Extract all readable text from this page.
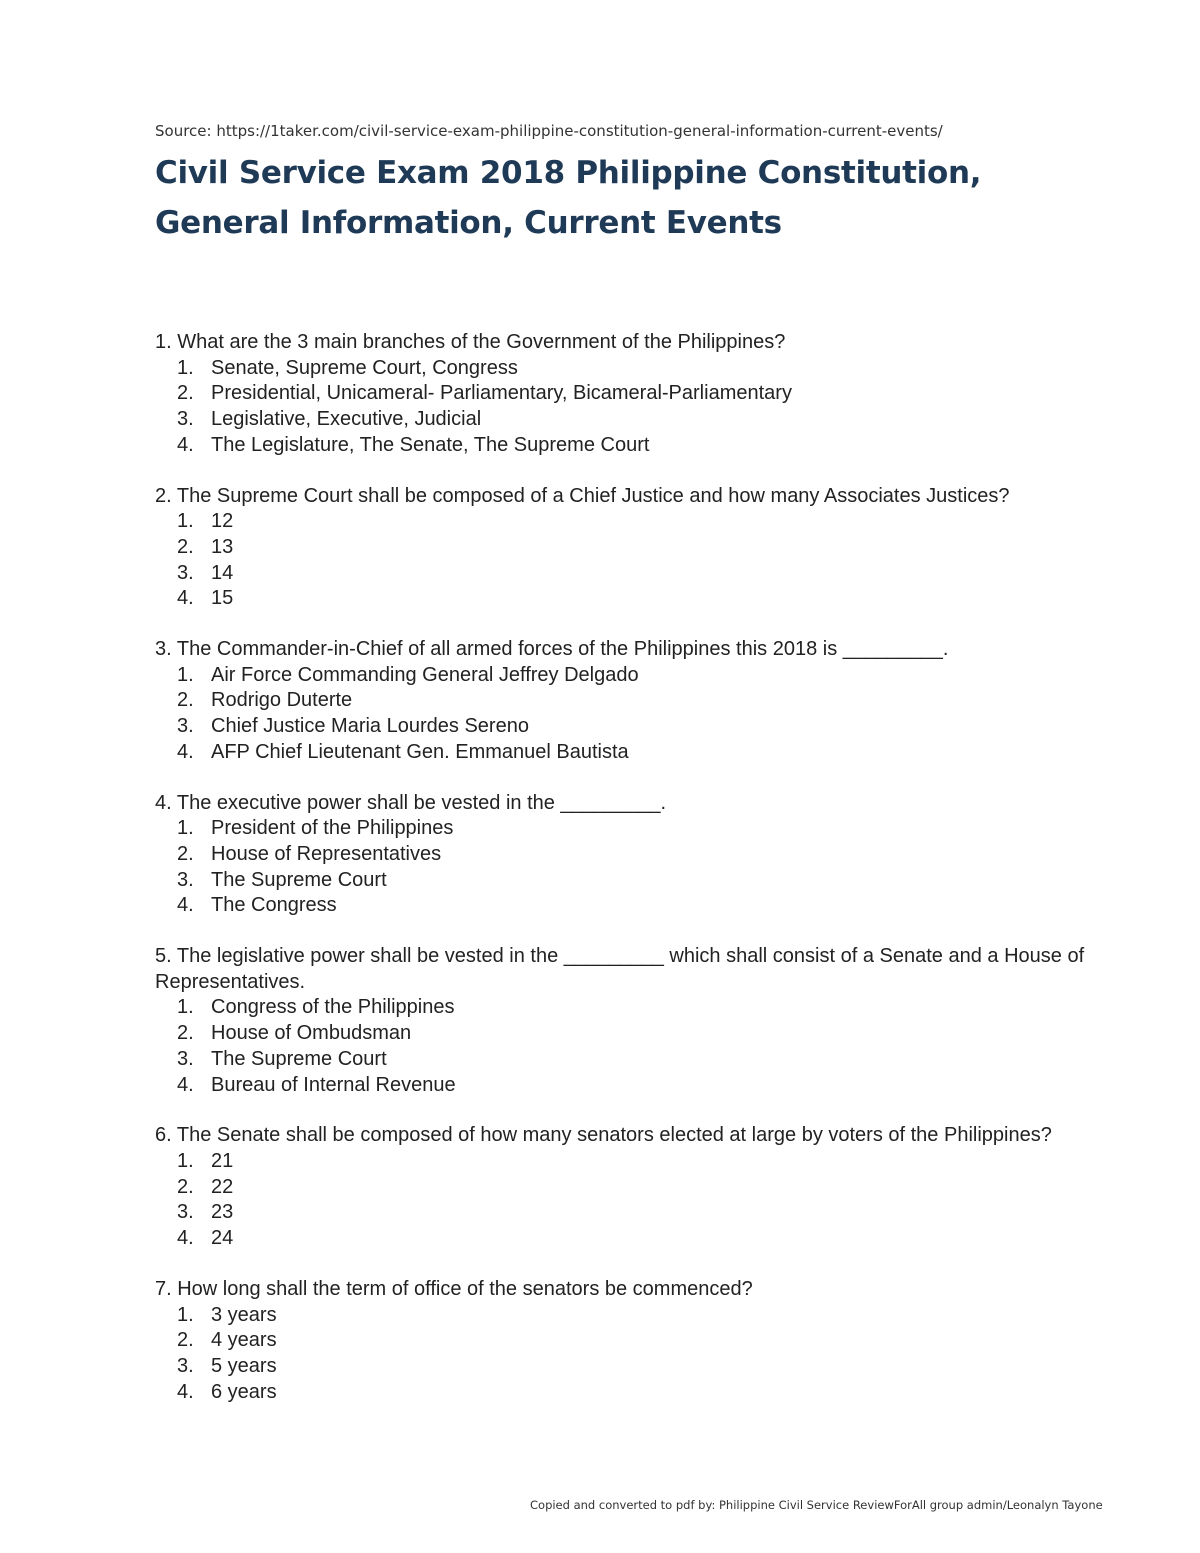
Source: https://1taker.com/civil-service-exam-philippine-constitution-general-information-current-events/
Civil Service Exam 2018 Philippine Constitution, General Information, Current Events
1. What are the 3 main branches of the Government of the Philippines?
1. Senate, Supreme Court, Congress
2. Presidential, Unicameral- Parliamentary, Bicameral-Parliamentary
3. Legislative, Executive, Judicial
4. The Legislature, The Senate, The Supreme Court
2. The Supreme Court shall be composed of a Chief Justice and how many Associates Justices?
1. 12
2. 13
3. 14
4. 15
3. The Commander-in-Chief of all armed forces of the Philippines this 2018 is _________.
1. Air Force Commanding General Jeffrey Delgado
2. Rodrigo Duterte
3. Chief Justice Maria Lourdes Sereno
4. AFP Chief Lieutenant Gen. Emmanuel Bautista
4. The executive power shall be vested in the _________.
1. President of the Philippines
2. House of Representatives
3. The Supreme Court
4. The Congress
5. The legislative power shall be vested in the _________ which shall consist of a Senate and a House of Representatives.
1. Congress of the Philippines
2. House of Ombudsman
3. The Supreme Court
4. Bureau of Internal Revenue
6. The Senate shall be composed of how many senators elected at large by voters of the Philippines?
1. 21
2. 22
3. 23
4. 24
7. How long shall the term of office of the senators be commenced?
1. 3 years
2. 4 years
3. 5 years
4. 6 years
Copied and converted to pdf by: Philippine Civil Service ReviewForAll group admin/Leonalyn Tayone
